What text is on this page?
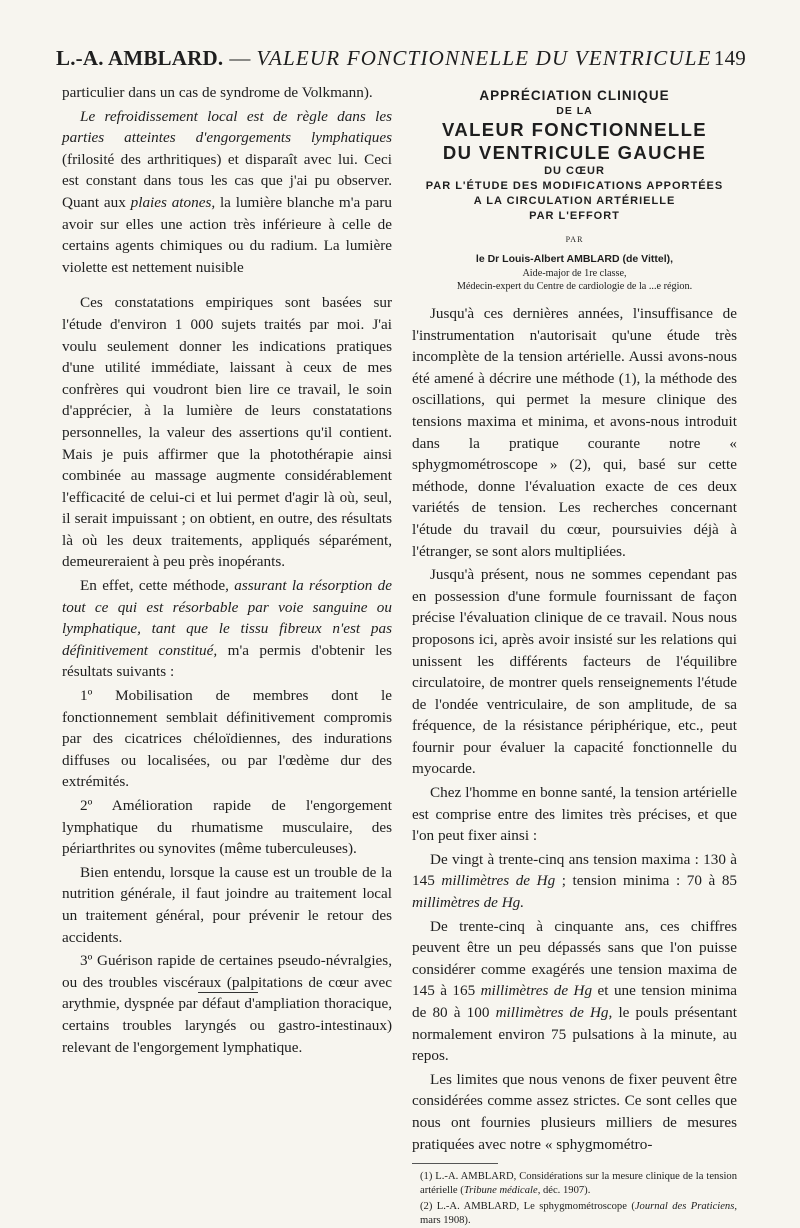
L.-A. AMBLARD. — VALEUR FONCTIONNELLE DU VENTRICULE 149

particulier dans un cas de syndrome de Volkmann).

Le refroidissement local est de règle dans les parties atteintes d'engorgements lymphatiques (frilosité des arthritiques) et disparaît avec lui. Ceci est constant dans tous les cas que j'ai pu observer. Quant aux plaies atones, la lumière blanche m'a paru avoir sur elles une action très inférieure à celle de certains agents chimiques ou du radium. La lumière violette est nettement nuisible

Ces constatations empiriques sont basées sur l'étude d'environ 1 000 sujets traités par moi. J'ai voulu seulement donner les indications pratiques d'une utilité immédiate, laissant à ceux de mes confrères qui voudront bien lire ce travail, le soin d'apprécier, à la lumière de leurs constatations personnelles, la valeur des assertions qu'il contient. Mais je puis affirmer que la photothérapie ainsi combinée au massage augmente considérablement l'efficacité de celui-ci et lui permet d'agir là où, seul, il serait impuissant ; on obtient, en outre, des résultats là où les deux traitements, appliqués séparément, demeureraient à peu près inopérants.

En effet, cette méthode, assurant la résorption de tout ce qui est résorbable par voie sanguine ou lymphatique, tant que le tissu fibreux n'est pas définitivement constitué, m'a permis d'obtenir les résultats suivants :

1º Mobilisation de membres dont le fonctionnement semblait définitivement compromis par des cicatrices chéloïdiennes, des indurations diffuses ou localisées, ou par l'œdème dur des extrémités.

2º Amélioration rapide de l'engorgement lymphatique du rhumatisme musculaire, des périarthrites ou synovites (même tuberculeuses).

Bien entendu, lorsque la cause est un trouble de la nutrition générale, il faut joindre au traitement local un traitement général, pour prévenir le retour des accidents.

3º Guérison rapide de certaines pseudo-névralgies, ou des troubles viscéraux (palpitations de cœur avec arythmie, dyspnée par défaut d'ampliation thoracique, certains troubles laryngés ou gastro-intestinaux) relevant de l'engorgement lymphatique.

APPRÉCIATION CLINIQUE
DE LA
VALEUR FONCTIONNELLE
DU VENTRICULE GAUCHE
DU CŒUR
PAR L'ÉTUDE DES MODIFICATIONS APPORTÉES
A LA CIRCULATION ARTÉRIELLE
PAR L'EFFORT
PAR
le Dr Louis-Albert AMBLARD (de Vittel),
Aide-major de 1re classe,
Médecin-expert du Centre de cardiologie de la ...e région.

Jusqu'à ces dernières années, l'insuffisance de l'instrumentation n'autorisait qu'une étude très incomplète de la tension artérielle. Aussi avons-nous été amené à décrire une méthode (1), la méthode des oscillations, qui permet la mesure clinique des tensions maxima et minima, et avons-nous introduit dans la pratique courante notre « sphygmométroscope » (2), qui, basé sur cette méthode, donne l'évaluation exacte de ces deux variétés de tension. Les recherches concernant l'étude du travail du cœur, poursuivies déjà à l'étranger, se sont alors multipliées.

Jusqu'à présent, nous ne sommes cependant pas en possession d'une formule fournissant de façon précise l'évaluation clinique de ce travail. Nous nous proposons ici, après avoir insisté sur les relations qui unissent les différents facteurs de l'équilibre circulatoire, de montrer quels renseignements l'étude de l'ondée ventriculaire, de son amplitude, de sa fréquence, de la résistance périphérique, etc., peut fournir pour évaluer la capacité fonctionnelle du myocarde.

Chez l'homme en bonne santé, la tension artérielle est comprise entre des limites très précises, et que l'on peut fixer ainsi :

De vingt à trente-cinq ans tension maxima : 130 à 145 millimètres de Hg ; tension minima : 70 à 85 millimètres de Hg.

De trente-cinq à cinquante ans, ces chiffres peuvent être un peu dépassés sans que l'on puisse considérer comme exagérés une tension maxima de 145 à 165 millimètres de Hg et une tension minima de 80 à 100 millimètres de Hg, le pouls présentant normalement environ 75 pulsations à la minute, au repos.

Les limites que nous venons de fixer peuvent être considérées comme assez strictes. Ce sont celles que nous ont fournies plusieurs milliers de mesures pratiquées avec notre « sphygmométro-

(1) L.-A. AMBLARD, Considérations sur la mesure clinique de la tension artérielle (Tribune médicale, déc. 1907).
(2) L.-A. AMBLARD, Le sphygmométroscope (Journal des Praticiens, mars 1908).
